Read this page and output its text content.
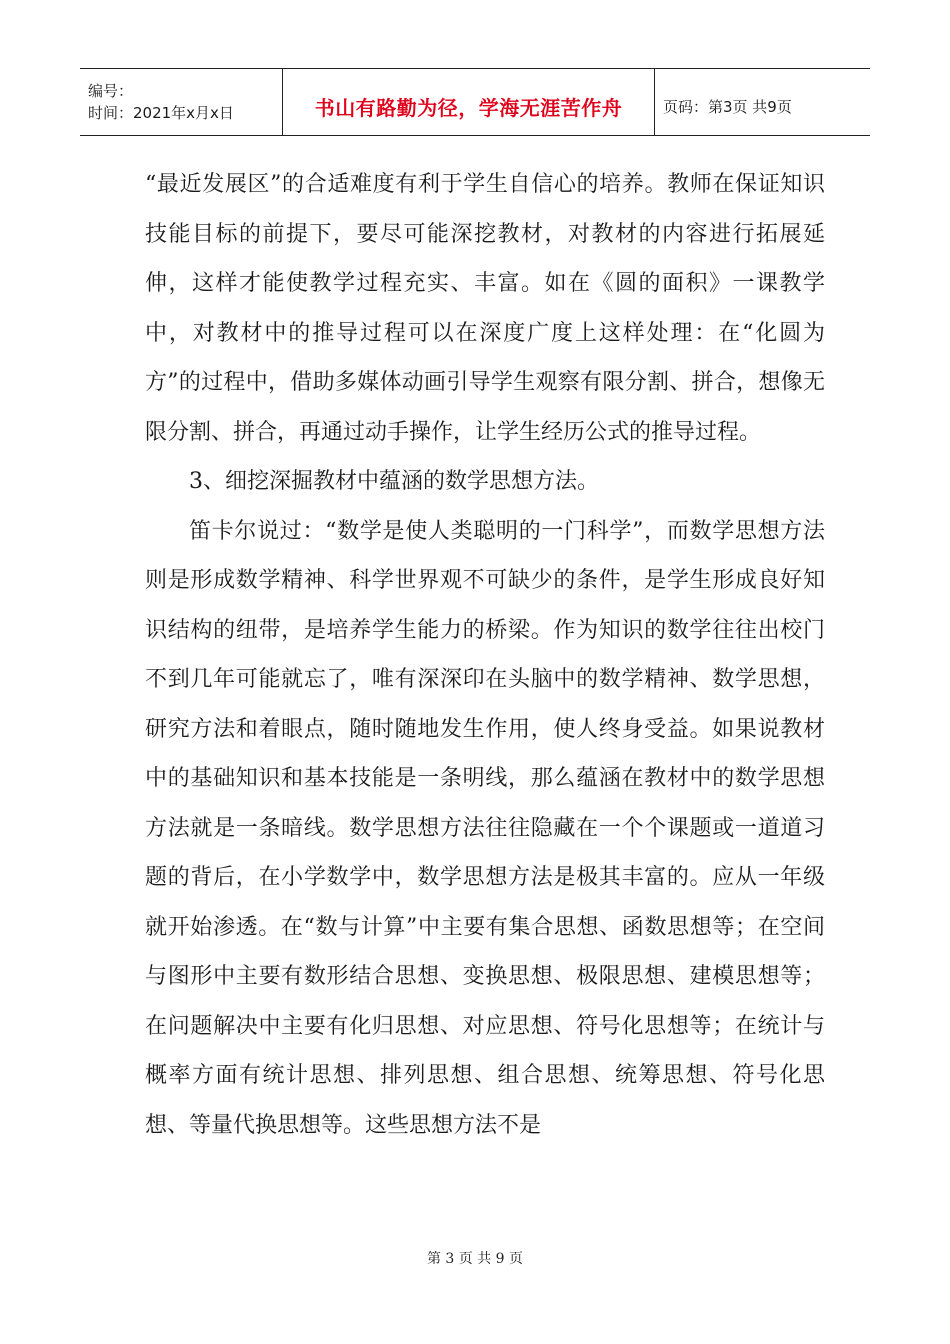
编号：
时间：2021年x月x日	书山有路勤为径，学海无涯苦作舟	页码：第3页 共9页

“最近发展区”的合适难度有利于学生自信心的培养。教师在保证知识技能目标的前提下，要尽可能深挖教材，对教材的内容进行拓展延伸，这样才能使教学过程充实、丰富。如在《圆的面积》一课教学中，对教材中的推导过程可以在深度广度上这样处理：在“化圆为方”的过程中，借助多媒体动画引导学生观察有限分割、拼合，想像无限分割、拼合，再通过动手操作，让学生经历公式的推导过程。

3、细挖深掘教材中蕴涵的数学思想方法。

笛卡尔说过：“数学是使人类聪明的一门科学”，而数学思想方法则是形成数学精神、科学世界观不可缺少的条件，是学生形成良好知识结构的纽带，是培养学生能力的桥梁。作为知识的数学往往出校门不到几年可能就忘了，唯有深深印在头脑中的数学精神、数学思想，研究方法和着眼点，随时随地发生作用，使人终身受益。如果说教材中的基础知识和基本技能是一条明线，那么蕴涵在教材中的数学思想方法就是一条暗线。数学思想方法往往隐藏在一个个课题或一道道习题的背后，在小学数学中，数学思想方法是极其丰富的。应从一年级就开始渗透。在“数与计算”中主要有集合思想、函数思想等；在空间与图形中主要有数形结合思想、变换思想、极限思想、建模思想等；在问题解决中主要有化归思想、对应思想、符号化思想等；在统计与概率方面有统计思想、排列思想、组合思想、统筹思想、符号化思想、等量代换思想等。这些思想方法不是

第 3 页 共 9 页
